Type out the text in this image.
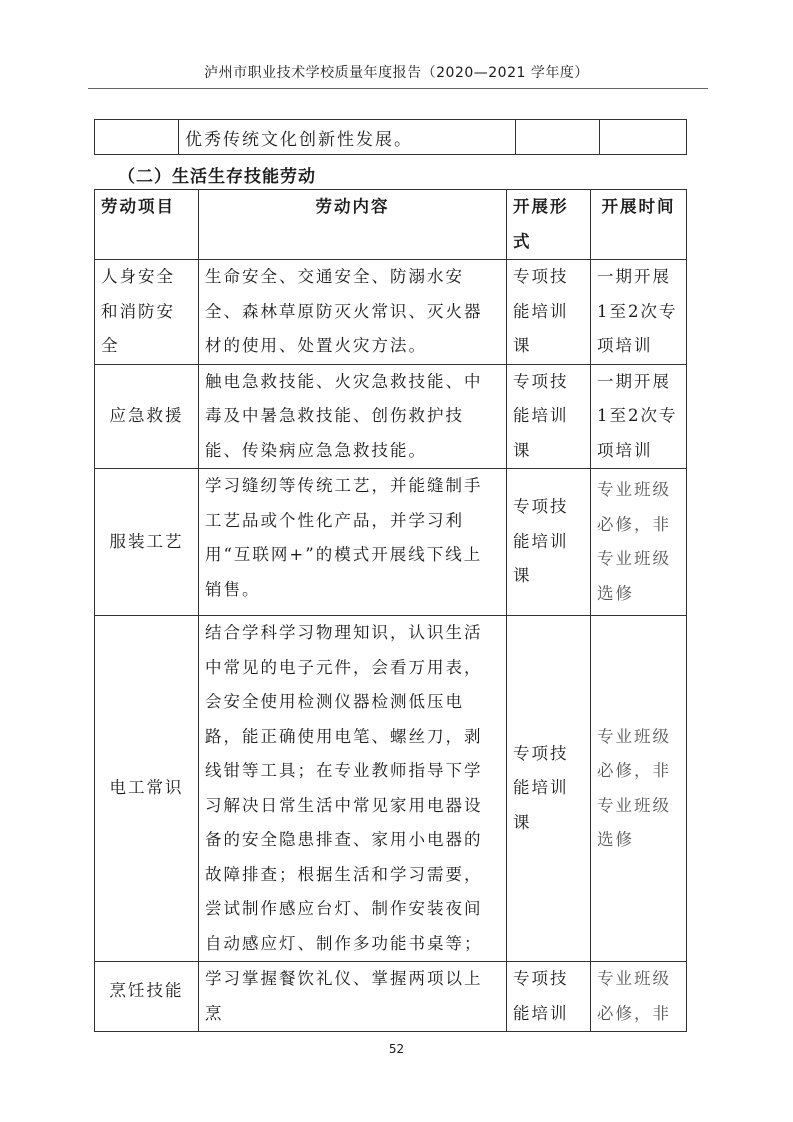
泸州市职业技术学校质量年度报告（2020—2021 学年度）
	优秀传统文化创新性发展。		
（二）生活生存技能劳动
劳动项目	劳动内容	开展形式	开展时间
人身安全和消防安全	生命安全、交通安全、防溺水安全、森林草原防灭火常识、灭火器材的使用、处置火灾方法。	专项技能培训课	一期开展1至2次专项培训
应急救援	触电急救技能、火灾急救技能、中毒及中暑急救技能、创伤救护技能、传染病应急急救技能。	专项技能培训课	一期开展1至2次专项培训
服装工艺	学习缝纫等传统工艺，并能缝制手工艺品或个性化产品，并学习利用“互联网+”的模式开展线下线上销售。	专项技能培训课	专业班级必修，非专业班级选修
电工常识	结合学科学习物理知识，认识生活中常见的电子元件，会看万用表，会安全使用检测仪器检测低压电路，能正确使用电笔、螺丝刀，剥线钳等工具；在专业教师指导下学习解决日常生活中常见家用电器设备的安全隐患排查、家用小电器的故障排查；根据生活和学习需要，尝试制作感应台灯、制作安装夜间自动感应灯、制作多功能书桌等；	专项技能培训课	专业班级必修，非专业班级选修
烹饪技能	学习掌握餐饮礼仪、掌握两项以上烹	专项技能培训	专业班级必修，非
52
